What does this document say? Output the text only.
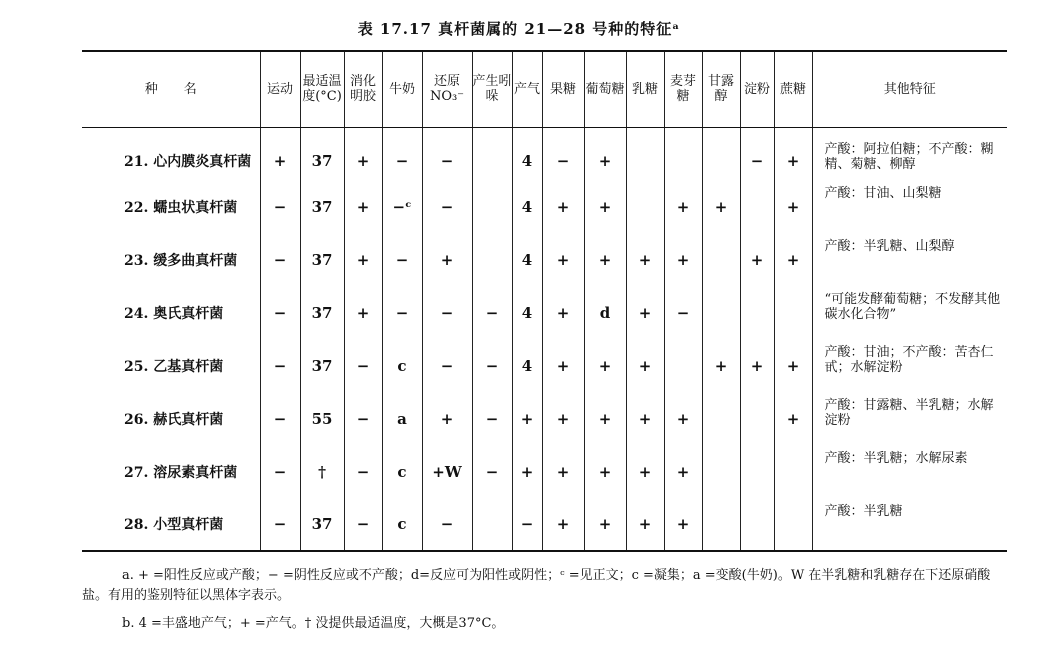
表 17.17 真杆菌属的 21—28 号种的特征ᵃ
种　　名	运动	最适温度(°C)	消化明胶	牛奶	还原NO₃⁻	产生吲哚	产气	果糖	葡萄糖	乳糖	麦芽糖	甘露醇	淀粉	蔗糖	其他特征
21. 心内膜炎真杆菌	+	37	+	−	−		4	−	+				−	+	产酸：阿拉伯糖；不产酸：糊精、菊糖、柳醇
22. 蠕虫状真杆菌	−	37	+	−ᶜ	−		4	+	+		+	+		+	产酸：甘油、山梨糖
23. 缓多曲真杆菌	−	37	+	−	+		4	+	+	+	+		+	+	产酸：半乳糖、山梨醇
24. 奥氏真杆菌	−	37	+	−	−	−	4	+	d	+	−				“可能发酵葡萄糖；不发酵其他碳水化合物”
25. 乙基真杆菌	−	37	−	c	−	−	4	+	+	+		+	+	+	产酸：甘油；不产酸：苦杏仁甙；水解淀粉
26. 赫氏真杆菌	−	55	−	a	+	−	+	+	+	+	+			+	产酸：甘露糖、半乳糖；水解淀粉
27. 溶尿素真杆菌	−	†	−	c	+W	−	+	+	+	+	+				产酸：半乳糖；水解尿素
28. 小型真杆菌	−	37	−	c	−		−	+	+	+	+				产酸：半乳糖
a. + =阳性反应或产酸；− =阴性反应或不产酸；d=反应可为阳性或阴性；ᶜ =见正文；c =凝集；a =变酸(牛奶)。W 在半乳糖和乳糖存在下还原硝酸盐。有用的鉴别特征以黑体字表示。
b. 4 =丰盛地产气；+ =产气。† 没提供最适温度，大概是37°C。
